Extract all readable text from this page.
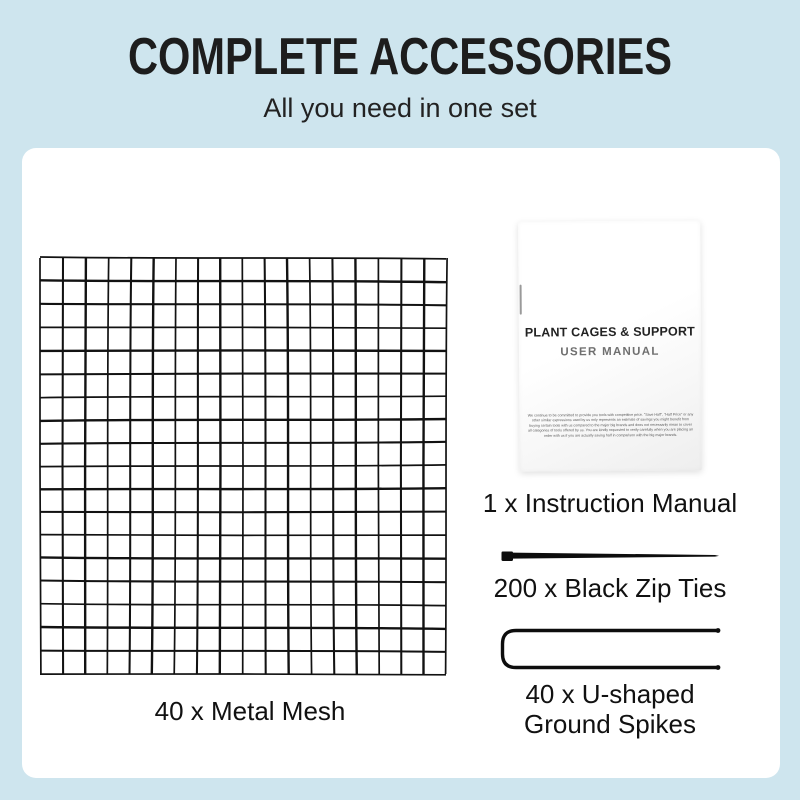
COMPLETE ACCESSORIES
All you need in one set
40 x Metal Mesh
PLANT CAGES & SUPPORT
USER MANUAL
We continue to be committed to provide you tools with competitive price. "Save Half", "Half Price" or any other similar expressions used by us only represents an estimate of savings you might benefit from buying certain tools with us compared to the major big brands and does not necessarily mean to cover all categories of tools offered by us. You are kindly requested to verify carefully when you are placing an order with us if you are actually saving half in comparison with the big major brands.
1 x Instruction Manual
200 x Black Zip Ties
40 x U-shaped
Ground Spikes
